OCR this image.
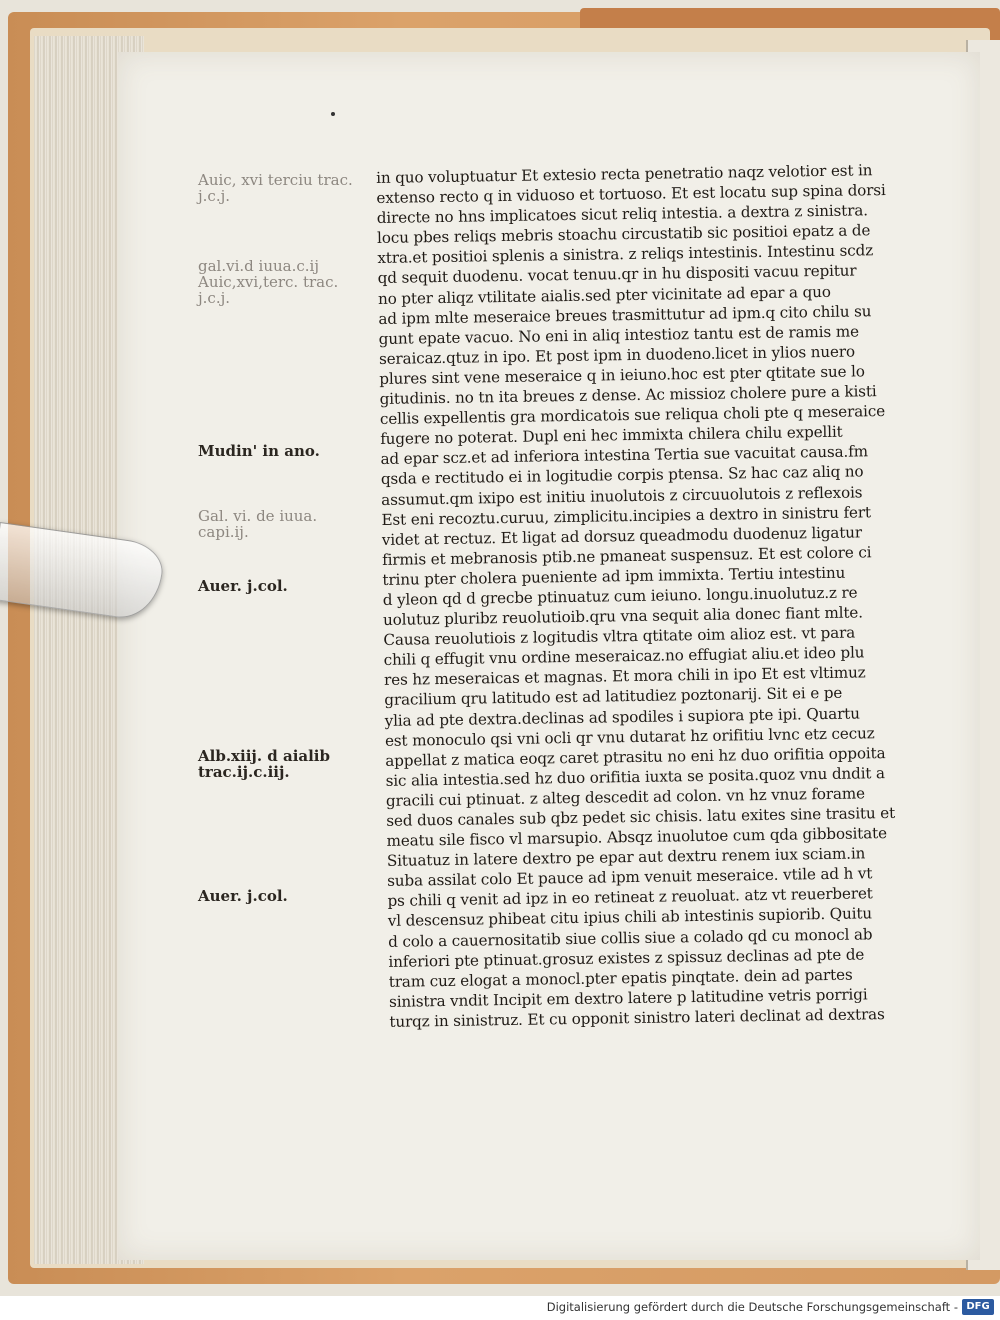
Auic, xvi terciu trac. j.c.j.
gal.vi.d iuua.c.ij Auic,xvi,terc. trac. j.c.j.
Mudin' in ano.
Gal. vi. de iuua. capi.ij.
Auer. j.col.
Alb.xiij. d aialib trac.ij.c.iij.
Auer. j.col.
in quo voluptuatur Et extesio recta penetratio naqz velotior est in
extenso recto q in viduoso et tortuoso. Et est locatu sup spina dorsi
directe no hns implicatoes sicut reliq intestia. a dextra z sinistra.
locu pbes reliqs mebris stoachu circustatib sic positioi epatz a de
xtra.et positioi splenis a sinistra. z reliqs intestinis. Intestinu scdz
qd sequit duodenu. vocat tenuu.qr in hu dispositi vacuu repitur
no pter aliqz vtilitate aialis.sed pter vicinitate ad epar a quo
ad ipm mlte meseraice breues trasmittutur ad ipm.q cito chilu su
gunt epate vacuo. No eni in aliq intestioz tantu est de ramis me
seraicaz.qtuz in ipo. Et post ipm in duodeno.licet in ylios nuero
plures sint vene meseraice q in ieiuno.hoc est pter qtitate sue lo
gitudinis. no tn ita breues z dense. Ac missioz cholere pure a kisti
cellis expellentis gra mordicatois sue reliqua choli pte q meseraice
fugere no poterat. Dupl eni hec immixta chilera chilu expellit
ad epar scz.et ad inferiora intestina Tertia sue vacuitat causa.fm
qsda e rectitudo ei in logitudie corpis ptensa. Sz hac caz aliq no
assumut.qm ixipo est initiu inuolutois z circuuolutois z reflexois
Est eni recoztu.curuu, zimplicitu.incipies a dextro in sinistru fert
videt at rectuz. Et ligat ad dorsuz queadmodu duodenuz ligatur
firmis et mebranosis ptib.ne pmaneat suspensuz. Et est colore ci
trinu pter cholera pueniente ad ipm immixta. Tertiu intestinu
d yleon qd d grecbe ptinuatuz cum ieiuno. longu.inuolutuz.z re
uolutuz pluribz reuolutioib.qru vna sequit alia donec fiant mlte.
Causa reuolutiois z logitudis vltra qtitate oim alioz est. vt para
chili q effugit vnu ordine meseraicaz.no effugiat aliu.et ideo plu
res hz meseraicas et magnas. Et mora chili in ipo Et est vltimuz
gracilium qru latitudo est ad latitudiez poztonarij. Sit ei e pe
ylia ad pte dextra.declinas ad spodiles i supiora pte ipi. Quartu
est monoculo qsi vni ocli qr vnu dutarat hz orifitiu lvnc etz cecuz
appellat z matica eoqz caret ptrasitu no eni hz duo orifitia oppoita
sic alia intestia.sed hz duo orifitia iuxta se posita.quoz vnu dndit a
gracili cui ptinuat. z alteg descedit ad colon. vn hz vnuz forame
sed duos canales sub qbz pedet sic chisis. latu exites sine trasitu et
meatu sile fisco vl marsupio. Absqz inuolutoe cum qda gibbositate
Situatuz in latere dextro pe epar aut dextru renem iux sciam.in
suba assilat colo Et pauce ad ipm venuit meseraice. vtile ad h vt
ps chili q venit ad ipz in eo retineat z reuoluat. atz vt reuerberet
vl descensuz phibeat citu ipius chili ab intestinis supiorib. Quitu
d colo a cauernositatib siue collis siue a colado qd cu monocl ab
inferiori pte ptinuat.grosuz existes z spissuz declinas ad pte de
tram cuz elogat a monocl.pter epatis pinqtate. dein ad partes
sinistra vndit Incipit em dextro latere p latitudine vetris porrigi
turqz in sinistruz. Et cu opponit sinistro lateri declinat ad dextras
Digitalisierung gefördert durch die Deutsche Forschungsgemeinschaft - DFG
